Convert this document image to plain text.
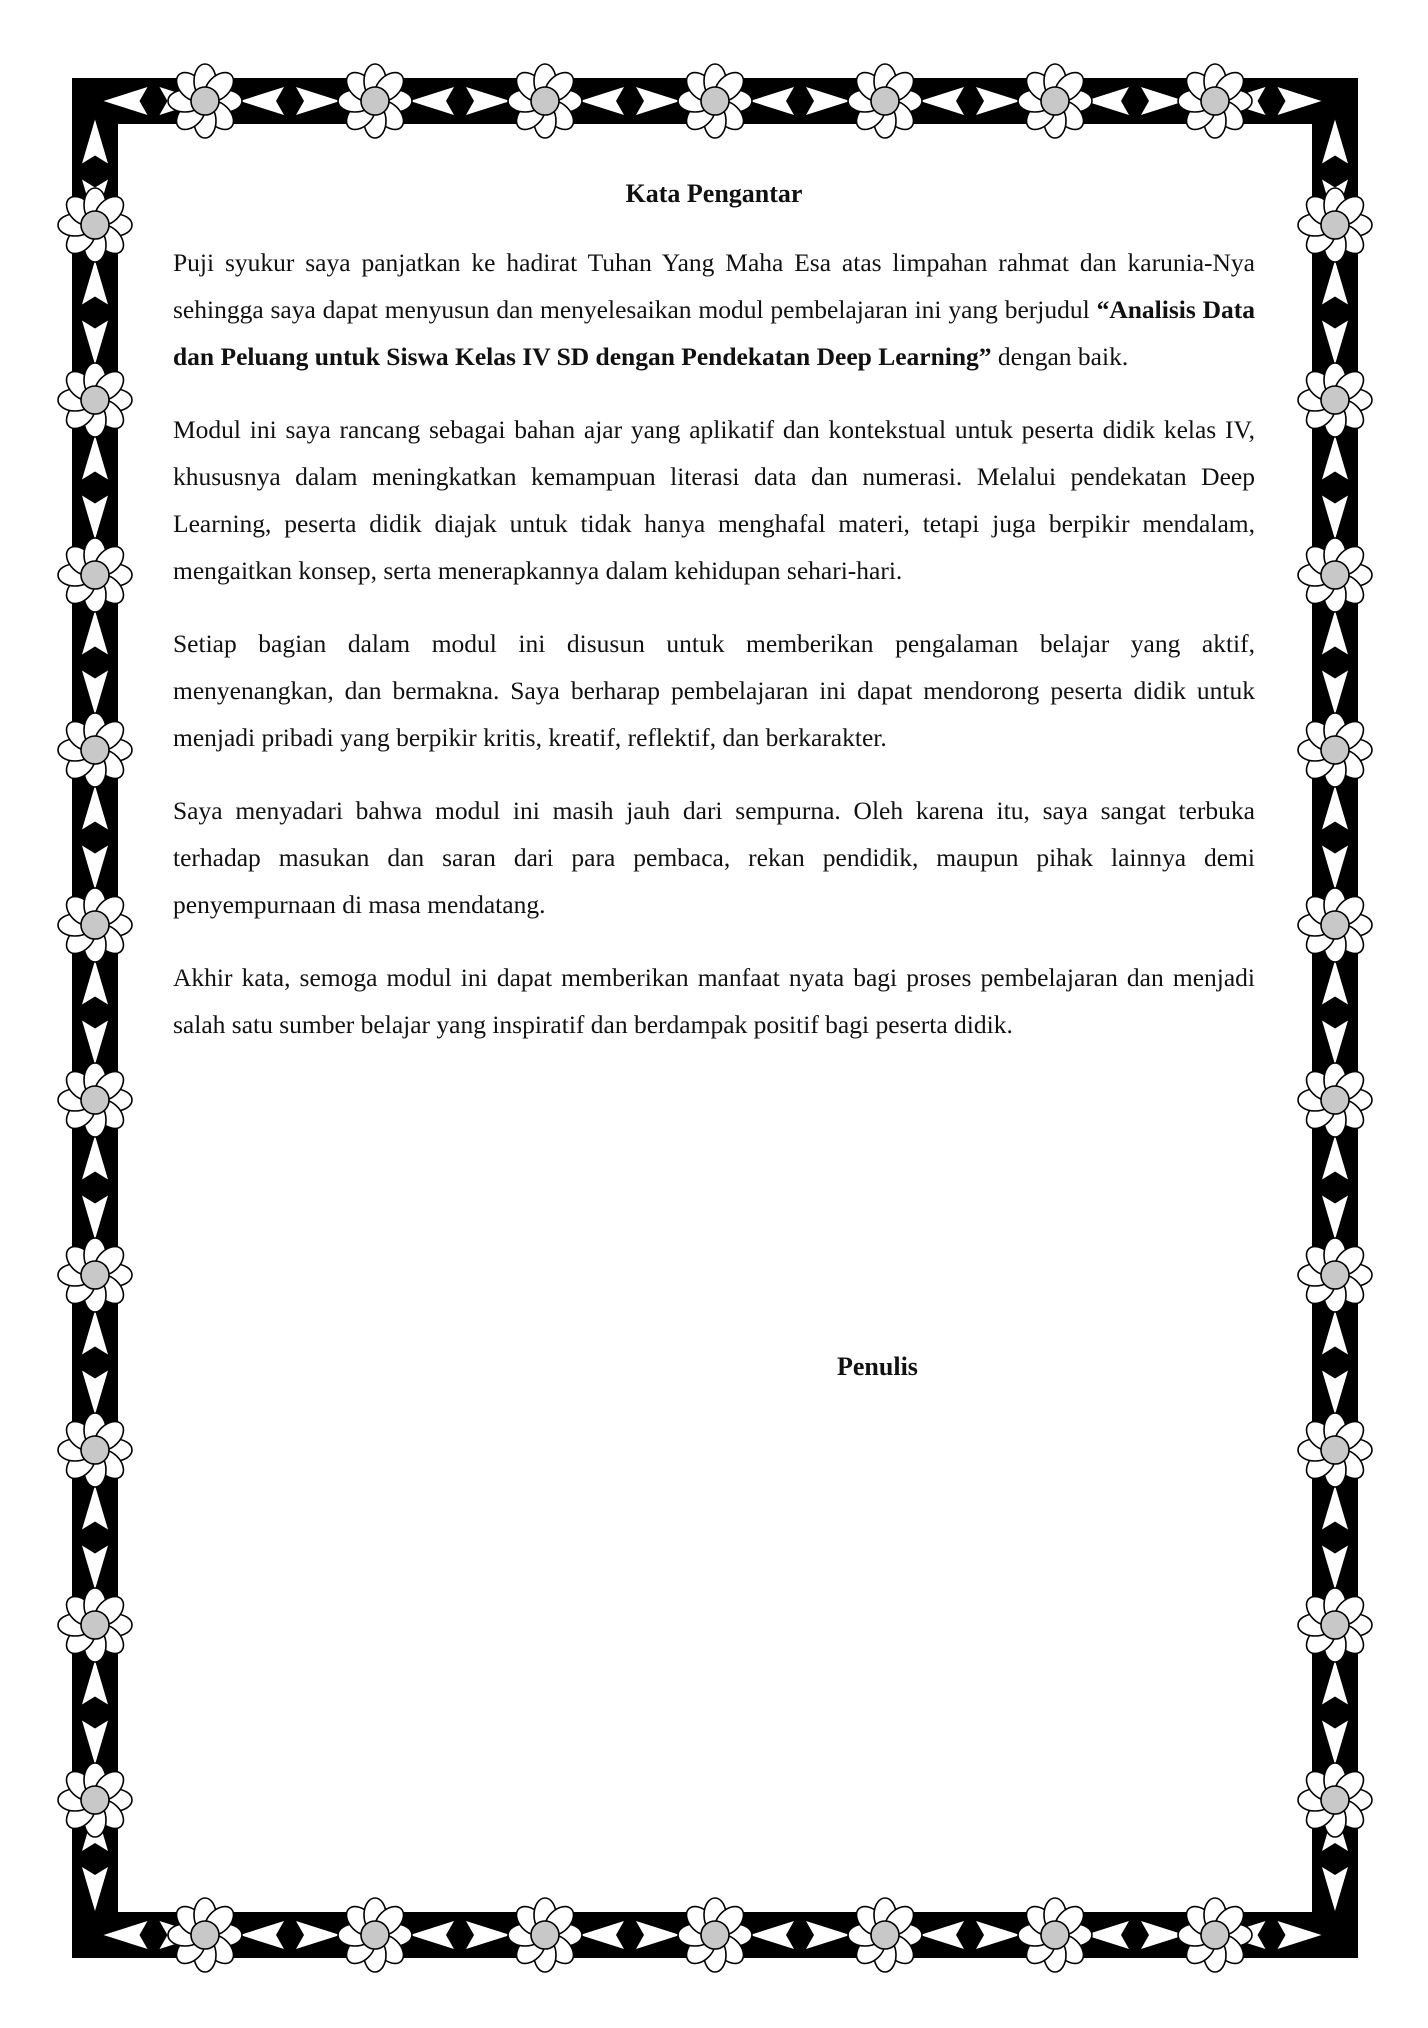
Kata Pengantar

Puji syukur saya panjatkan ke hadirat Tuhan Yang Maha Esa atas limpahan rahmat dan karunia-Nya sehingga saya dapat menyusun dan menyelesaikan modul pembelajaran ini yang berjudul “Analisis Data dan Peluang untuk Siswa Kelas IV SD dengan Pendekatan Deep Learning” dengan baik.

Modul ini saya rancang sebagai bahan ajar yang aplikatif dan kontekstual untuk peserta didik kelas IV, khususnya dalam meningkatkan kemampuan literasi data dan numerasi. Melalui pendekatan Deep Learning, peserta didik diajak untuk tidak hanya menghafal materi, tetapi juga berpikir mendalam, mengaitkan konsep, serta menerapkannya dalam kehidupan sehari-hari.

Setiap bagian dalam modul ini disusun untuk memberikan pengalaman belajar yang aktif, menyenangkan, dan bermakna. Saya berharap pembelajaran ini dapat mendorong peserta didik untuk menjadi pribadi yang berpikir kritis, kreatif, reflektif, dan berkarakter.

Saya menyadari bahwa modul ini masih jauh dari sempurna. Oleh karena itu, saya sangat terbuka terhadap masukan dan saran dari para pembaca, rekan pendidik, maupun pihak lainnya demi penyempurnaan di masa mendatang.

Akhir kata, semoga modul ini dapat memberikan manfaat nyata bagi proses pembelajaran dan menjadi salah satu sumber belajar yang inspiratif dan berdampak positif bagi peserta didik.

Penulis
